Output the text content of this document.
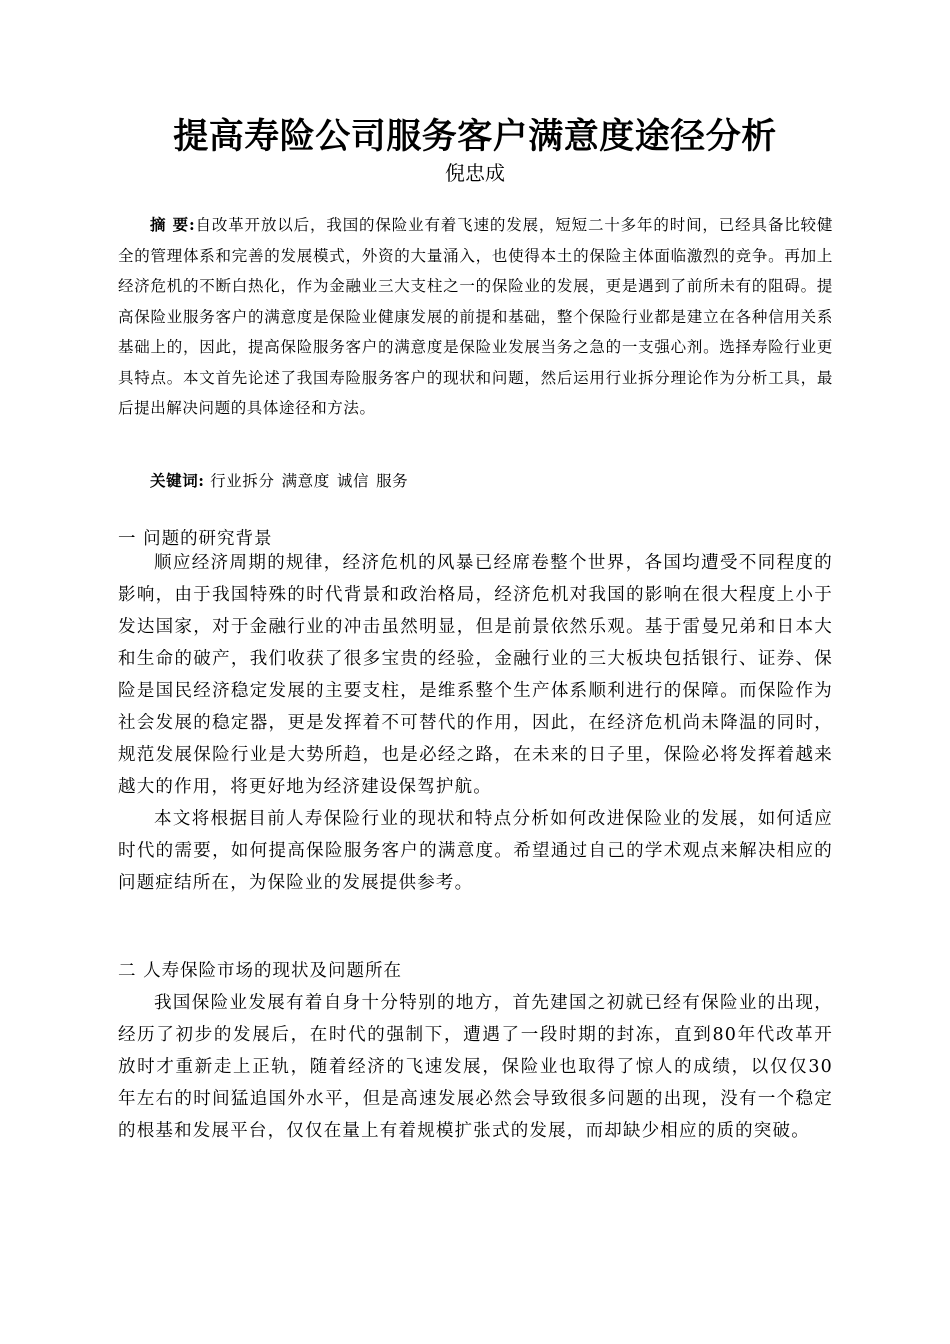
提高寿险公司服务客户满意度途径分析
倪忠成

摘 要:自改革开放以后，我国的保险业有着飞速的发展，短短二十多年的时间，已经具备比较健全的管理体系和完善的发展模式，外资的大量涌入，也使得本土的保险主体面临激烈的竞争。再加上经济危机的不断白热化，作为金融业三大支柱之一的保险业的发展，更是遇到了前所未有的阻碍。提高保险业服务客户的满意度是保险业健康发展的前提和基础，整个保险行业都是建立在各种信用关系基础上的，因此，提高保险服务客户的满意度是保险业发展当务之急的一支强心剂。选择寿险行业更具特点。本文首先论述了我国寿险服务客户的现状和问题，然后运用行业拆分理论作为分析工具，最后提出解决问题的具体途径和方法。

关键词: 行业拆分 满意度 诚信 服务
一 问题的研究背景

顺应经济周期的规律，经济危机的风暴已经席卷整个世界，各国均遭受不同程度的影响，由于我国特殊的时代背景和政治格局，经济危机对我国的影响在很大程度上小于发达国家，对于金融行业的冲击虽然明显，但是前景依然乐观。基于雷曼兄弟和日本大和生命的破产，我们收获了很多宝贵的经验，金融行业的三大板块包括银行、证券、保险是国民经济稳定发展的主要支柱，是维系整个生产体系顺利进行的保障。而保险作为社会发展的稳定器，更是发挥着不可替代的作用，因此，在经济危机尚未降温的同时，规范发展保险行业是大势所趋，也是必经之路，在未来的日子里，保险必将发挥着越来越大的作用，将更好地为经济建设保驾护航。

本文将根据目前人寿保险行业的现状和特点分析如何改进保险业的发展，如何适应时代的需要，如何提高保险服务客户的满意度。希望通过自己的学术观点来解决相应的问题症结所在，为保险业的发展提供参考。

二 人寿保险市场的现状及问题所在

我国保险业发展有着自身十分特别的地方，首先建国之初就已经有保险业的出现，经历了初步的发展后，在时代的强制下，遭遇了一段时期的封冻，直到80年代改革开放时才重新走上正轨，随着经济的飞速发展，保险业也取得了惊人的成绩，以仅仅30年左右的时间猛追国外水平，但是高速发展必然会导致很多问题的出现，没有一个稳定的根基和发展平台，仅仅在量上有着规模扩张式的发展，而却缺少相应的质的突破。
